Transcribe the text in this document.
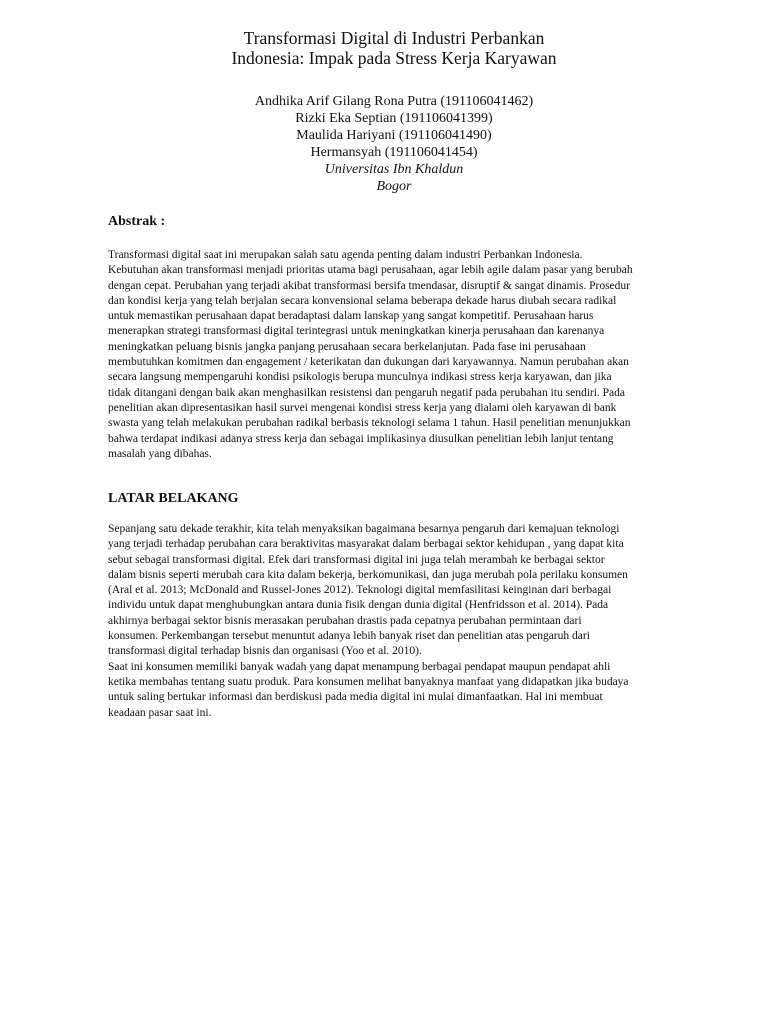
Transformasi Digital di Industri Perbankan
Indonesia: Impak pada Stress Kerja Karyawan
Andhika Arif Gilang Rona Putra (191106041462)
Rizki Eka Septian (191106041399)
Maulida Hariyani (191106041490)
Hermansyah (191106041454)
Universitas Ibn Khaldun
Bogor
Abstrak :
Transformasi digital saat ini merupakan salah satu agenda penting dalam industri Perbankan Indonesia.
Kebutuhan akan transformasi menjadi prioritas utama bagi perusahaan, agar lebih agile dalam pasar yang berubah
dengan cepat. Perubahan yang terjadi akibat transformasi bersifa tmendasar, disruptif & sangat dinamis. Prosedur
dan kondisi kerja yang telah berjalan secara konvensional selama beberapa dekade harus diubah secara radikal
untuk memastikan perusahaan dapat beradaptasi dalam lanskap yang sangat kompetitif. Perusahaan harus
menerapkan strategi transformasi digital terintegrasi untuk meningkatkan kinerja perusahaan dan karenanya
meningkatkan peluang bisnis jangka panjang perusahaan secara berkelanjutan. Pada fase ini perusahaan
membutuhkan komitmen dan engagement / keterikatan dan dukungan dari karyawannya. Namun perubahan akan
secara langsung mempengaruhi kondisi psikologis berupa munculnya indikasi stress kerja karyawan, dan jika
tidak ditangani dengan baik akan menghasilkan resistensi dan pengaruh negatif pada perubahan itu sendiri. Pada
penelitian akan dipresentasikan hasil survei mengenai kondisi stress kerja yang dialami oleh karyawan di bank
swasta yang telah melakukan perubahan radikal berbasis teknologi selama 1 tahun. Hasil penelitian menunjukkan
bahwa terdapat indikasi adanya stress kerja dan sebagai implikasinya diusulkan penelitian lebih lanjut tentang
masalah yang dibahas.
LATAR BELAKANG
Sepanjang satu dekade terakhir, kita telah menyaksikan bagaimana besarnya pengaruh dari kemajuan teknologi
yang terjadi terhadap perubahan cara beraktivitas masyarakat dalam berbagai sektor kehidupan , yang dapat kita
sebut sebagai transformasi digital. Efek dari transformasi digital ini juga telah merambah ke berbagai sektor
dalam bisnis seperti merubah cara kita dalam bekerja, berkomunikasi, dan juga merubah pola perilaku konsumen
(Aral et al. 2013; McDonald and Russel-Jones 2012). Teknologi digital memfasilitasi keinginan dari berbagai
individu untuk dapat menghubungkan antara dunia fisik dengan dunia digital (Henfridsson et al. 2014). Pada
akhirnya berbagai sektor bisnis merasakan perubahan drastis pada cepatnya perubahan permintaan dari
konsumen. Perkembangan tersebut menuntut adanya lebih banyak riset dan penelitian atas pengaruh dari
transformasi digital terhadap bisnis dan organisasi (Yoo et al. 2010).
Saat ini konsumen memiliki banyak wadah yang dapat menampung berbagai pendapat maupun pendapat ahli
ketika membahas tentang suatu produk. Para konsumen melihat banyaknya manfaat yang didapatkan jika budaya
untuk saling bertukar informasi dan berdiskusi pada media digital ini mulai dimanfaatkan. Hal ini membuat
keadaan pasar saat ini.
